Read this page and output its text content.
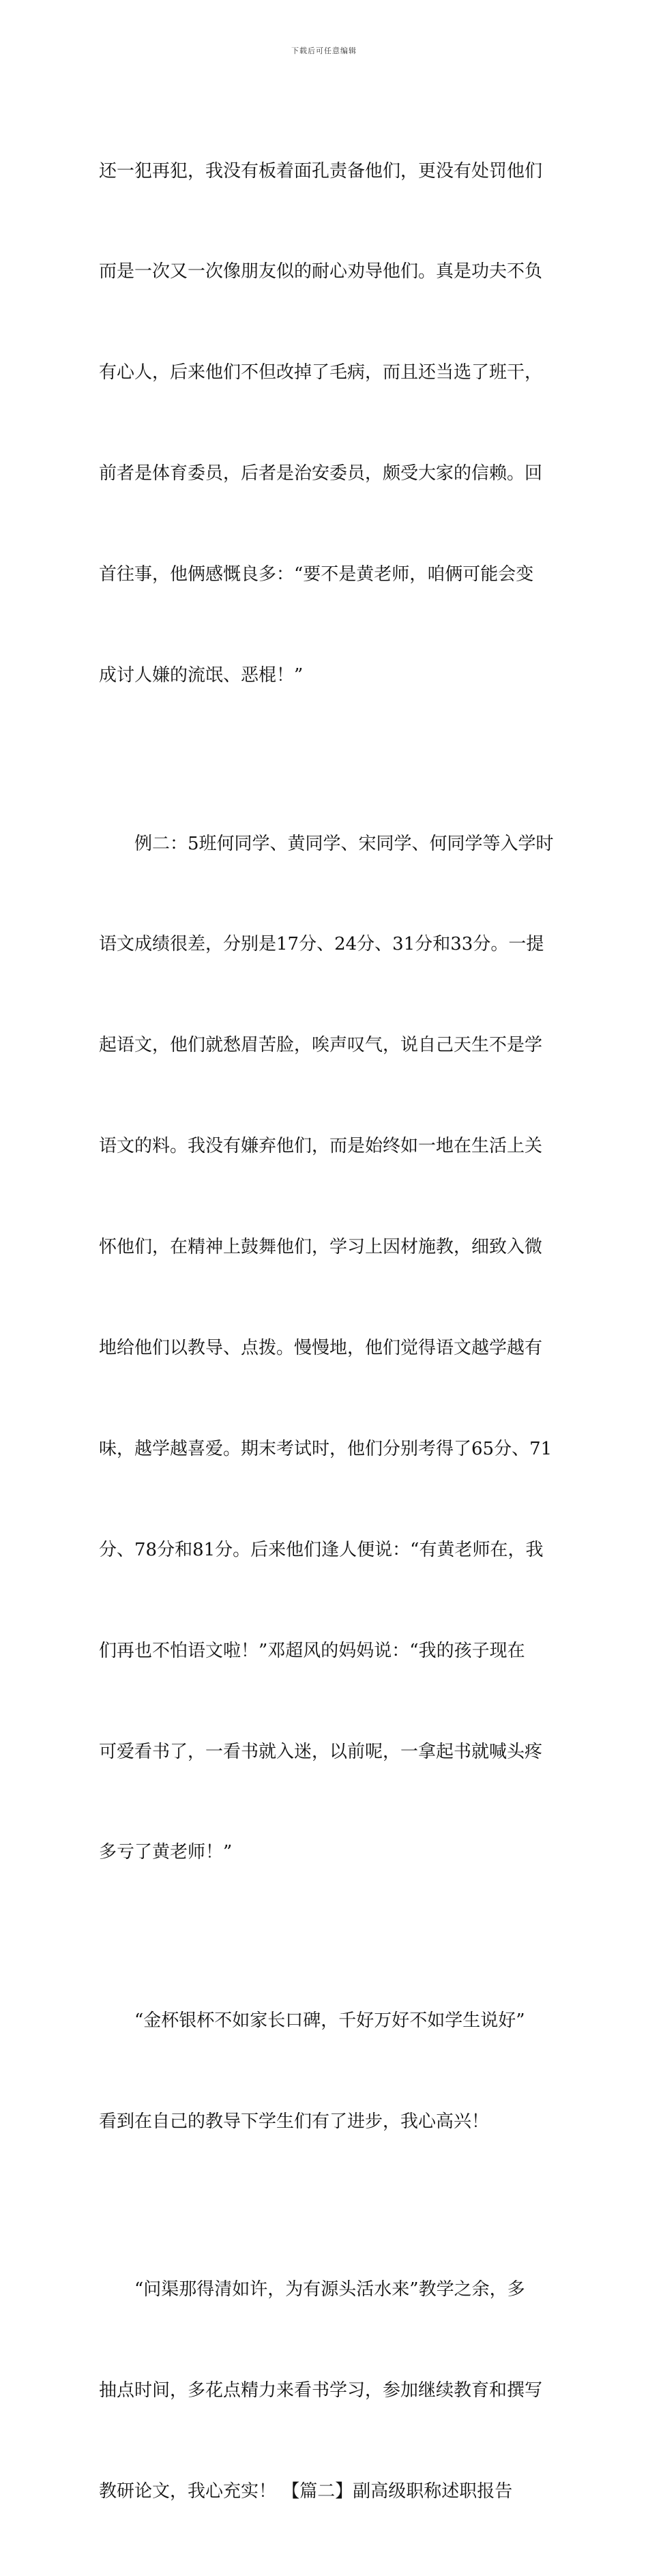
下载后可任意编辑

还一犯再犯，我没有板着面孔责备他们，更没有处罚他们

而是一次又一次像朋友似的耐心劝导他们。真是功夫不负

有心人，后来他们不但改掉了毛病，而且还当选了班干，

前者是体育委员，后者是治安委员，颇受大家的信赖。回

首往事，他俩感慨良多：“要不是黄老师，咱俩可能会变

成讨人嫌的流氓、恶棍！”

例二：5班何同学、黄同学、宋同学、何同学等入学时

语文成绩很差，分别是17分、24分、31分和33分。一提

起语文，他们就愁眉苦脸，唉声叹气，说自己天生不是学

语文的料。我没有嫌弃他们，而是始终如一地在生活上关

怀他们，在精神上鼓舞他们，学习上因材施教，细致入微

地给他们以教导、点拨。慢慢地，他们觉得语文越学越有

味，越学越喜爱。期末考试时，他们分别考得了65分、71

分、78分和81分。后来他们逢人便说：“有黄老师在，我

们再也不怕语文啦！”邓超风的妈妈说：“我的孩子现在

可爱看书了，一看书就入迷，以前呢，一拿起书就喊头疼

多亏了黄老师！”

“金杯银杯不如家长口碑，千好万好不如学生说好”

看到在自己的教导下学生们有了进步，我心高兴！

“问渠那得清如许，为有源头活水来”教学之余，多

抽点时间，多花点精力来看书学习，参加继续教育和撰写

教研论文，我心充实！ 【篇二】副高级职称述职报告
